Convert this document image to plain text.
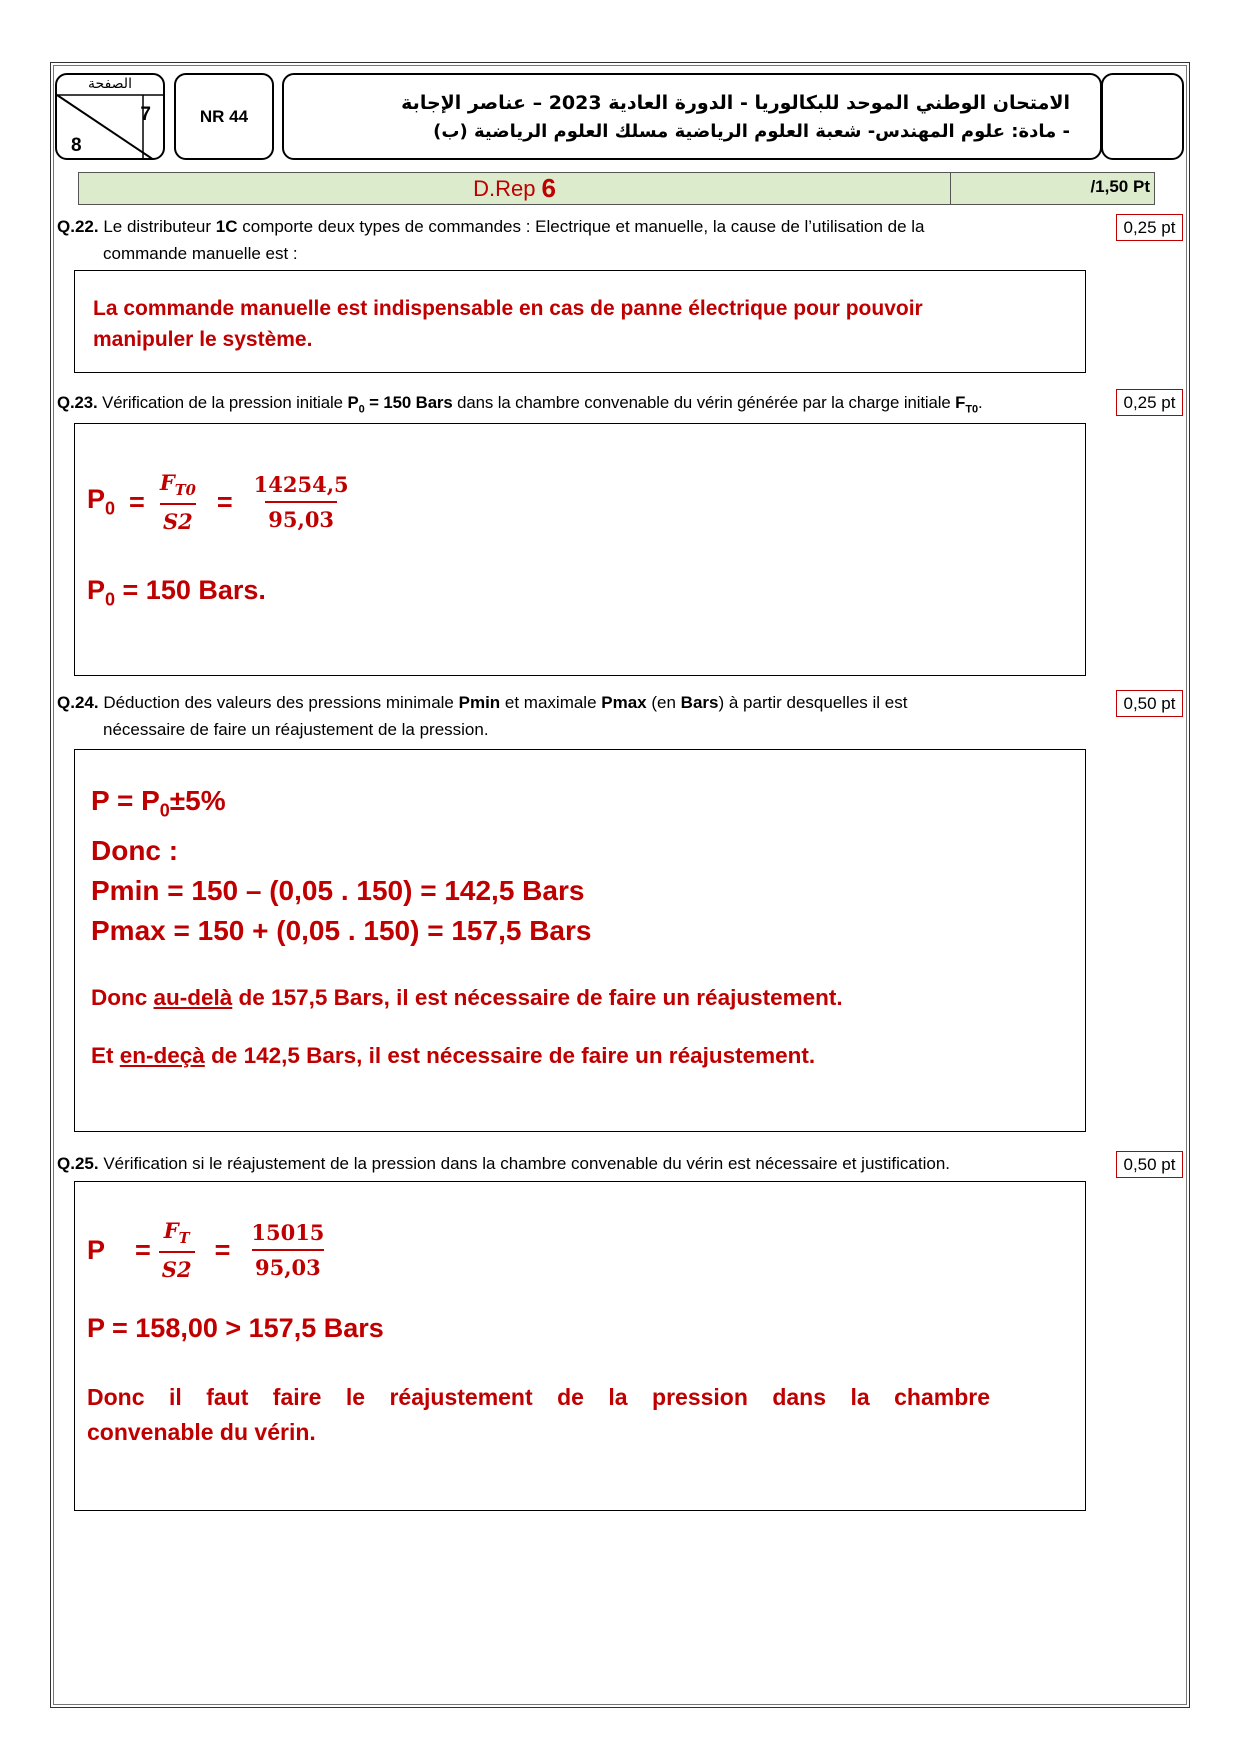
الصفحة
7
8
NR 44
الامتحان الوطني الموحد للبكالوريا - الدورة العادية 2023 – عناصر الإجابة
- مادة: علوم المهندس- شعبة العلوم الرياضية مسلك العلوم الرياضية (ب)
D.Rep 6	/1,50 Pt
Q.22. Le distributeur 1C comporte deux types de commandes : Electrique et manuelle, la cause de l’utilisation de la
commande manuelle est :
0,25 pt
La commande manuelle est indispensable en cas de panne électrique pour pouvoir
manipuler le système.
Q.23. Vérification de la pression initiale $P_0 = 150$ Bars dans la chambre convenable du vérin générée par la charge initiale $F_{T0}$.	0,25 pt
$P_0 = \frac{F_{T0}}{S2} = \frac{14254,5}{95,03}$
$P_0 = 150$ Bars.
Q.24. Déduction des valeurs des pressions minimale Pmin et maximale Pmax (en Bars) à partir desquelles il est
nécessaire de faire un réajustement de la pression.
0,50 pt
$P = P_0\pm 5\%$
Donc :
Pmin = 150 – (0,05 . 150) = 142,5 Bars
Pmax = 150 + (0,05 . 150) = 157,5 Bars
Donc au-delà de 157,5 Bars, il est nécessaire de faire un réajustement.
Et en-deçà de 142,5 Bars, il est nécessaire de faire un réajustement.
Q.25. Vérification si le réajustement de la pression dans la chambre convenable du vérin est nécessaire et justification.	0,50 pt
$P = \frac{F_T}{S2} = \frac{15015}{95,03}$
P = 158,00 > 157,5 Bars
Donc il faut faire le réajustement de la pression dans la chambre
convenable du vérin.
